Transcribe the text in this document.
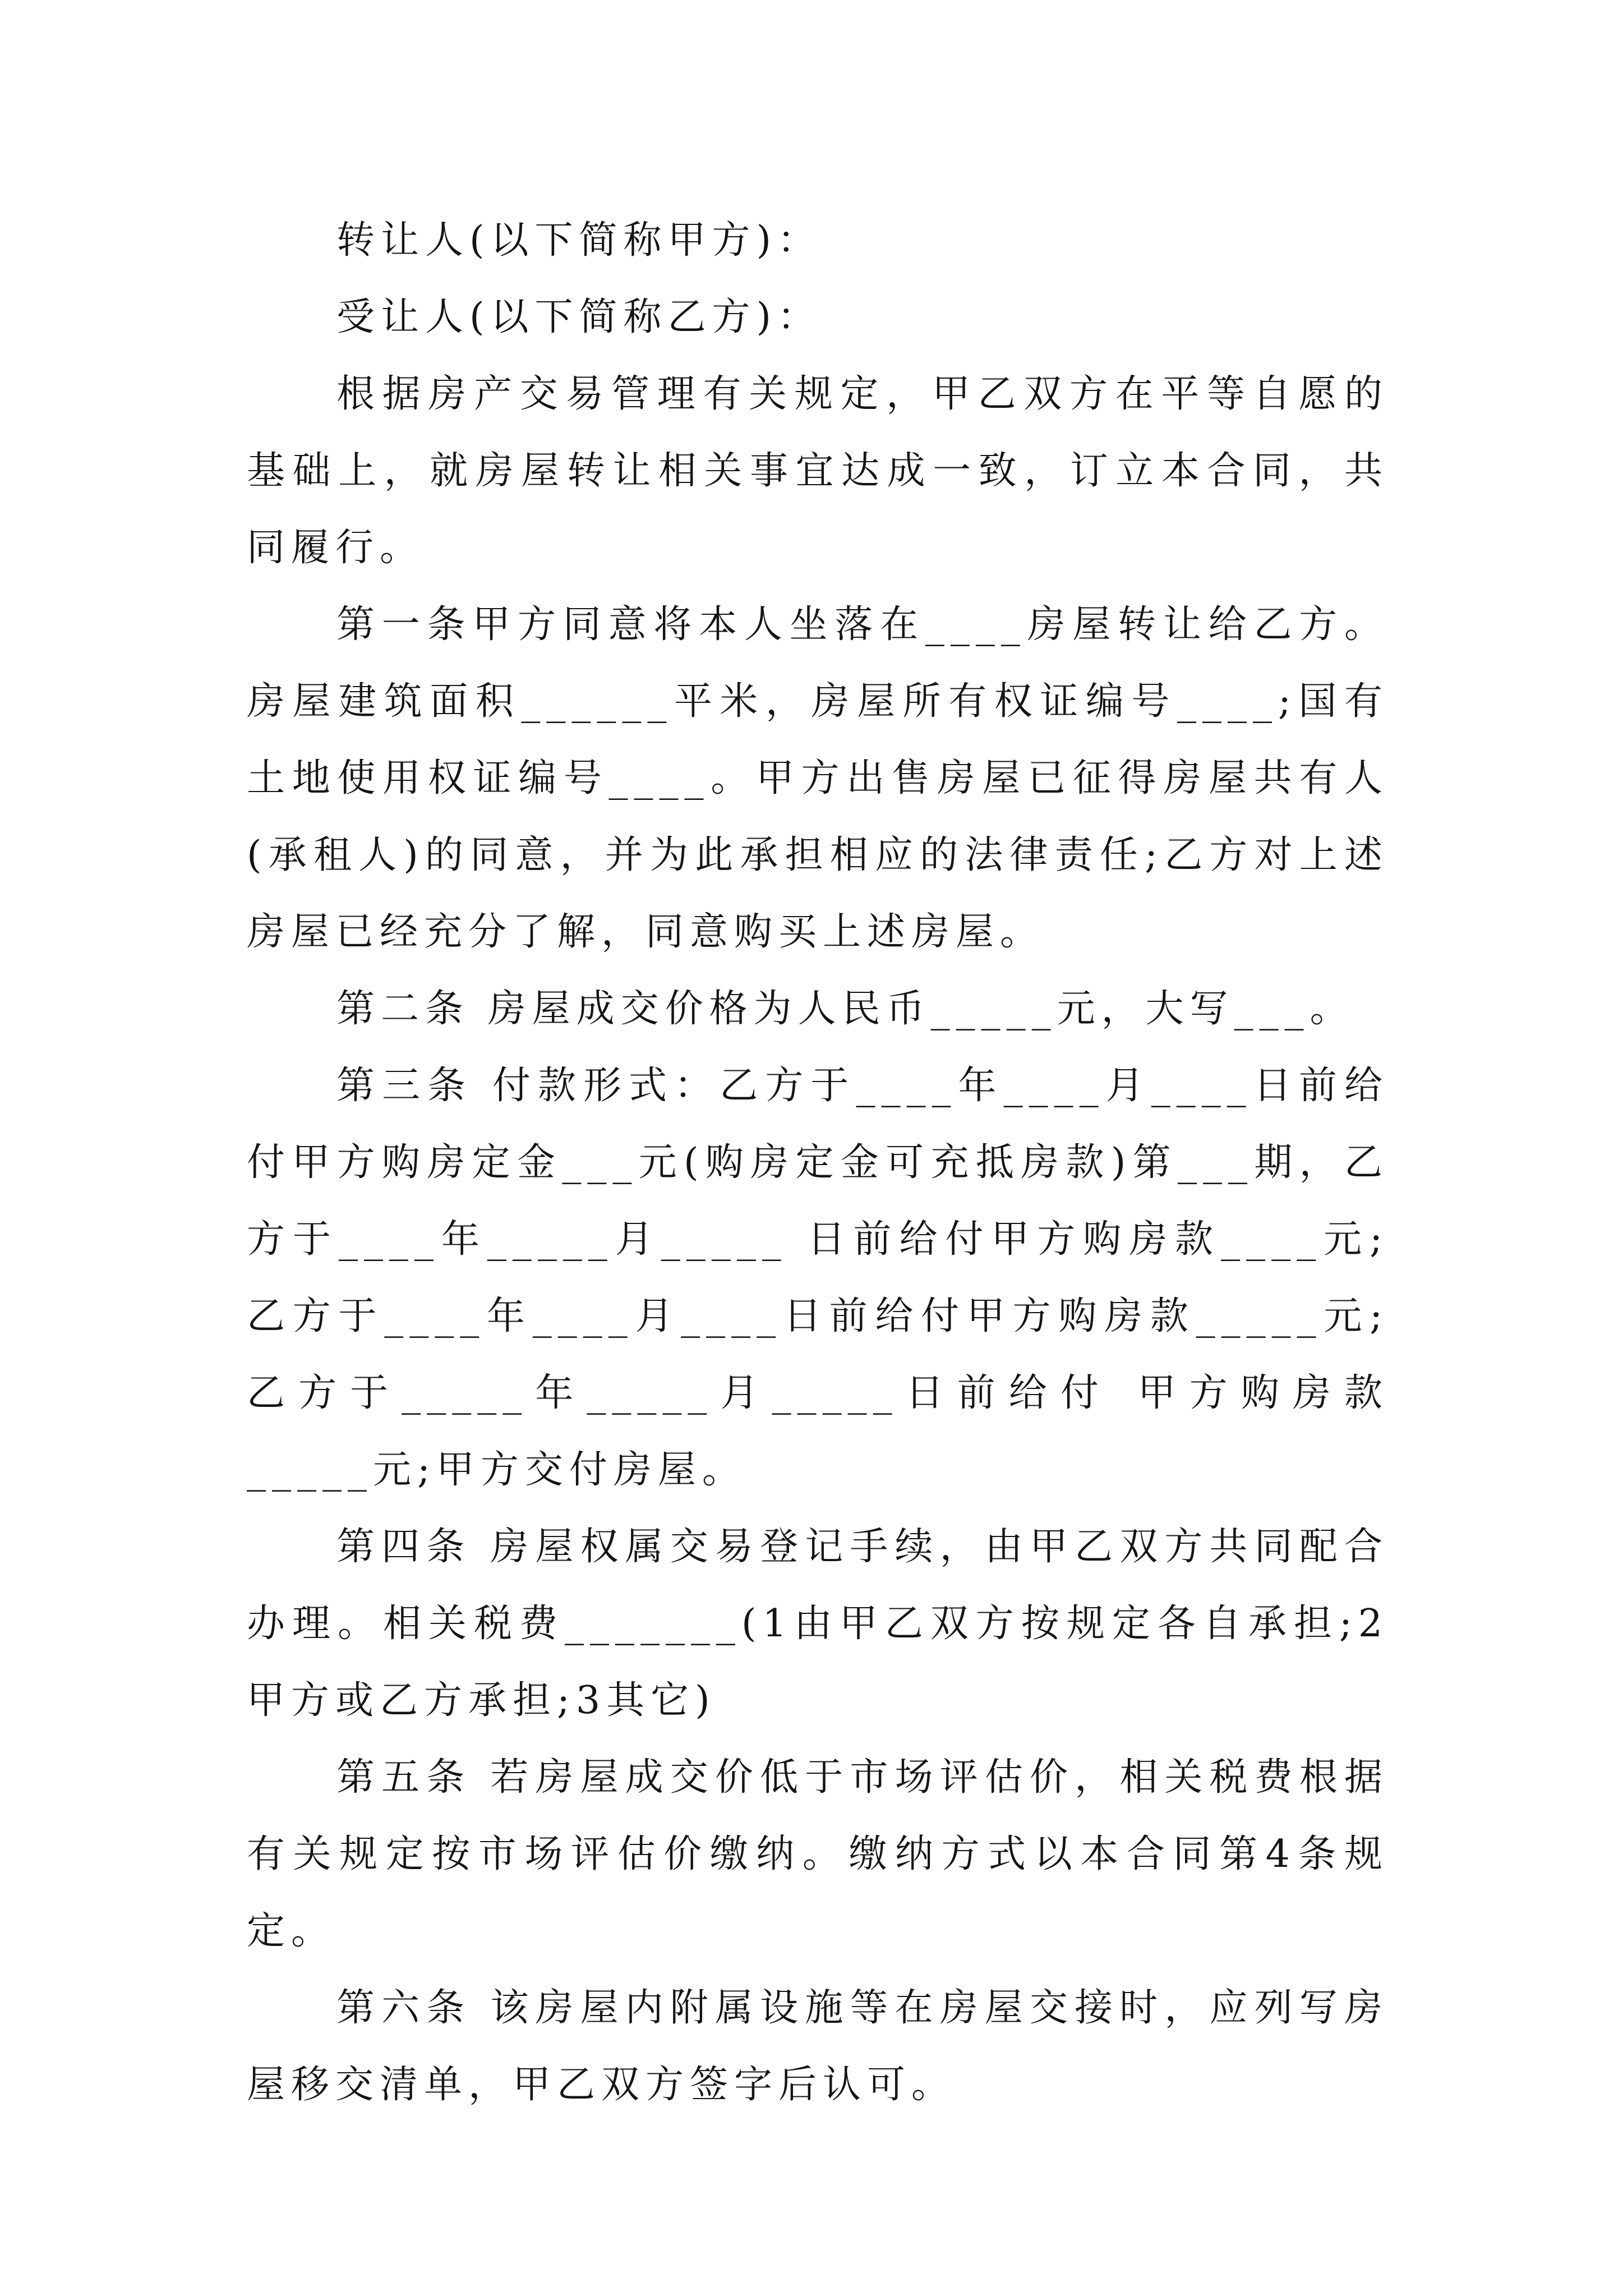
转让人(以下简称甲方)：

受让人(以下简称乙方)：

根据房产交易管理有关规定，甲乙双方在平等自愿的基础上，就房屋转让相关事宜达成一致，订立本合同，共同履行。

第一条甲方同意将本人坐落在____房屋转让给乙方。房屋建筑面积______平米，房屋所有权证编号____;国有土地使用权证编号____。甲方出售房屋已征得房屋共有人(承租人)的同意，并为此承担相应的法律责任;乙方对上述房屋已经充分了解，同意购买上述房屋。

第二条 房屋成交价格为人民币_____元，大写___。

第三条 付款形式：乙方于____年____月____日前给付甲方购房定金___元(购房定金可充抵房款)第___期，乙方于____年_____月_____ 日前给付甲方购房款____元;乙方于____年____月____日前给付甲方购房款_____元;乙方于_____年_____月_____日前给付 甲方购房款_____元;甲方交付房屋。

第四条 房屋权属交易登记手续，由甲乙双方共同配合办理。相关税费_______(1由甲乙双方按规定各自承担;2甲方或乙方承担;3其它)

第五条 若房屋成交价低于市场评估价，相关税费根据有关规定按市场评估价缴纳。缴纳方式以本合同第4条规定。

第六条 该房屋内附属设施等在房屋交接时，应列写房屋移交清单，甲乙双方签字后认可。
